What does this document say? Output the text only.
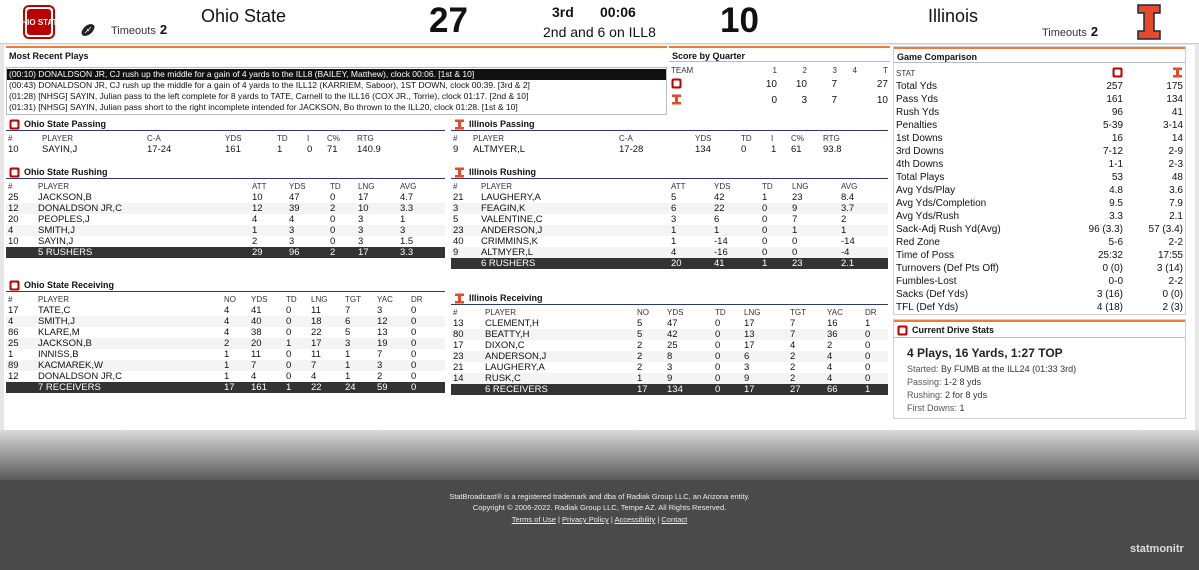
OHIO STATE
Timeouts 2
Ohio State	27	3rd 00:06
2nd and 6 on ILL8 10	Illinois
Timeouts 2
Most Recent Plays
(00:10) DONALDSON JR, CJ rush up the middle for a gain of 4 yards to the ILL8 (BAILEY, Matthew), clock 00:06. [1st & 10]
(00:43) DONALDSON JR, CJ rush up the middle for a gain of 4 yards to the ILL12 (KARRIEM, Saboor), 1ST DOWN, clock 00:39. [3rd & 2]
(01:28) [NHSG] SAYIN, Julian pass to the left complete for 8 yards to TATE, Carnell to the ILL16 (COX JR., Torrie), clock 01:17. [2nd & 10]
(01:31) [NHSG] SAYIN, Julian pass short to the right incomplete intended for JACKSON, Bo thrown to the ILL20, clock 01:28. [1st & 10]
Score by Quarter
TEAM	1	2	3	4	T
	10	10	7		27
	0	3	7		10
Ohio State Passing
#	PLAYER	C-A	YDS	TD	I	C%	RTG
10	SAYIN,J	17-24	161	1	0	71	140.9
Illinois Passing
#	PLAYER	C-A	YDS	TD	I	C%	RTG
9	ALTMYER,L	17-28	134	0	1	61	93.8
Ohio State Rushing
#	PLAYER	ATT	YDS	TD	LNG	AVG
25	JACKSON,B	10	47	0	17	4.7
12	DONALDSON JR,C	12	39	2	10	3.3
20	PEOPLES,J	4	4	0	3	1
4	SMITH,J	1	3	0	3	3
10	SAYIN,J	2	3	0	3	1.5
	5 RUSHERS	29	96	2	17	3.3
Illinois Rushing
#	PLAYER	ATT	YDS	TD	LNG	AVG
21	LAUGHERY,A	5	42	1	23	8.4
3	FEAGIN,K	6	22	0	9	3.7
5	VALENTINE,C	3	6	0	7	2
23	ANDERSON,J	1	1	0	1	1
40	CRIMMINS,K	1	-14	0	0	-14
9	ALTMYER,L	4	-16	0	0	-4
	6 RUSHERS	20	41	1	23	2.1
Ohio State Receiving
#	PLAYER	NO	YDS	TD	LNG	TGT	YAC	DR
17	TATE,C	4	41	0	11	7	3	0
4	SMITH,J	4	40	0	18	6	12	0
86	KLARE,M	4	38	0	22	5	13	0
25	JACKSON,B	2	20	1	17	3	19	0
1	INNISS,B	1	11	0	11	1	7	0
89	KACMAREK,W	1	7	0	7	1	3	0
12	DONALDSON JR,C	1	4	0	4	1	2	0
	7 RECEIVERS	17	161	1	22	24	59	0
Illinois Receiving
#	PLAYER	NO	YDS	TD	LNG	TGT	YAC	DR
13	CLEMENT,H	5	47	0	17	7	16	1
80	BEATTY,H	5	42	0	13	7	36	0
17	DIXON,C	2	25	0	17	4	2	0
23	ANDERSON,J	2	8	0	6	2	4	0
21	LAUGHERY,A	2	3	0	3	2	4	0
14	RUSK,C	1	9	0	9	2	4	0
	6 RECEIVERS	17	134	0	17	27	66	1
Game Comparison
STAT		
Total Yds	257	175
Pass Yds	161	134
Rush Yds	96	41
Penalties	5-39	3-14
1st Downs	16	14
3rd Downs	7-12	2-9
4th Downs	1-1	2-3
Total Plays	53	48
Avg Yds/Play	4.8	3.6
Avg Yds/Completion	9.5	7.9
Avg Yds/Rush	3.3	2.1
Sack-Adj Rush Yd(Avg)	96 (3.3)	57 (3.4)
Red Zone	5-6	2-2
Time of Poss	25:32	17:55
Turnovers (Def Pts Off)	0 (0)	3 (14)
Fumbles-Lost	0-0	2-2
Sacks (Def Yds)	3 (16)	0 (0)
TFL (Def Yds)	4 (18)	2 (3)
Current Drive Stats
4 Plays, 16 Yards, 1:27 TOP
Started: By FUMB at the ILL24 (01:33 3rd)
Passing: 1-2 8 yds
Rushing: 2 for 8 yds
First Downs: 1
StatBroadcast® is a registered trademark and dba of Radiak Group LLC, an Arizona entity.
Copyright © 2006-2022. Radiak Group LLC, Tempe AZ. All Rights Reserved.
Terms of Use | Privacy Policy | Accessibility | Contact
statmonitr
